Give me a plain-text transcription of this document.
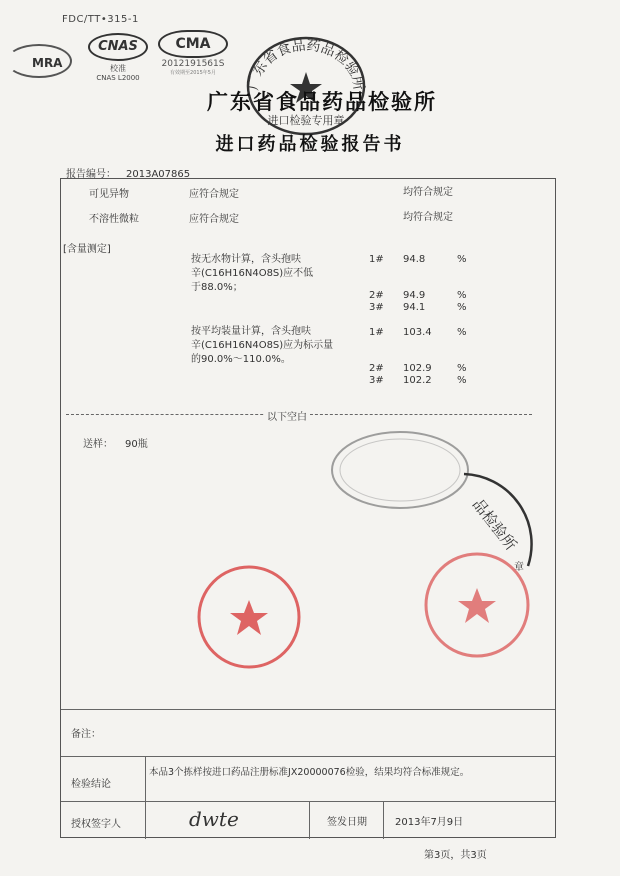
FDC/TT•315-1
MRA
CNAS
校准
CNAS L2000
CMA
2012191561S
有效期至2015年5月
广东省食品药品检验所
进口检验专用章
广东省食品药品检验所
进口药品检验报告书
报告编号： 2013A07865
可见异物	应符合规定	均符合规定
不溶性微粒	应符合规定	均符合规定
[含量测定]
按无水物计算，含头孢呋
辛(C16H16N4O8S)应不低
于88.0%；
1# 94.8	%
2# 94.9	%
3# 94.1	%
按平均装量计算，含头孢呋
辛(C16H16N4O8S)应为标示量
的90.0%～110.0%。
1# 103.4	%
2# 102.9	%
3# 102.2	%
送样： 90瓶
备注：
检验结论
本品3个拣样按进口药品注册标准JX20000076检验，结果均符合标准规定。
授权签字人	dwte	签发日期	2013年7月9日
以下空白
品检验所
章
第3页，共3页
